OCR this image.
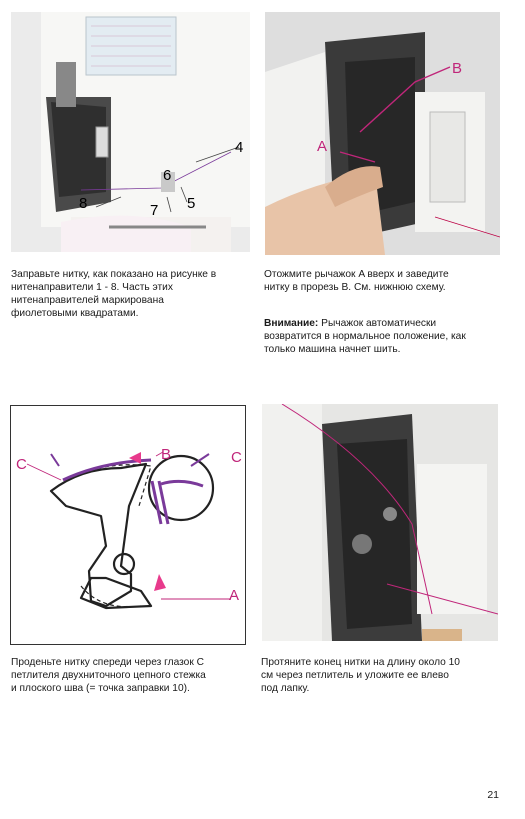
4
6
5
8	7
Заправьте нитку, как показано на рисунке в
нитенаправители 1 - 8. Часть этих
нитенаправителей маркирована
фиолетовыми квадратами.
A
B
Отожмите рычажок A вверх и заведите
нитку в прорезь B. См. нижнюю схему.
Внимание: Рычажок автоматически
возвратится в нормальное положение, как
только машина начнет шить.
C
B	C
A
Проденьте нитку спереди через глазок C
петлителя двухниточного цепного стежка
и плоского шва (= точка заправки 10).
Протяните конец нитки на длину около 10
см через петлитель и уложите ее влево
под лапку.
21
